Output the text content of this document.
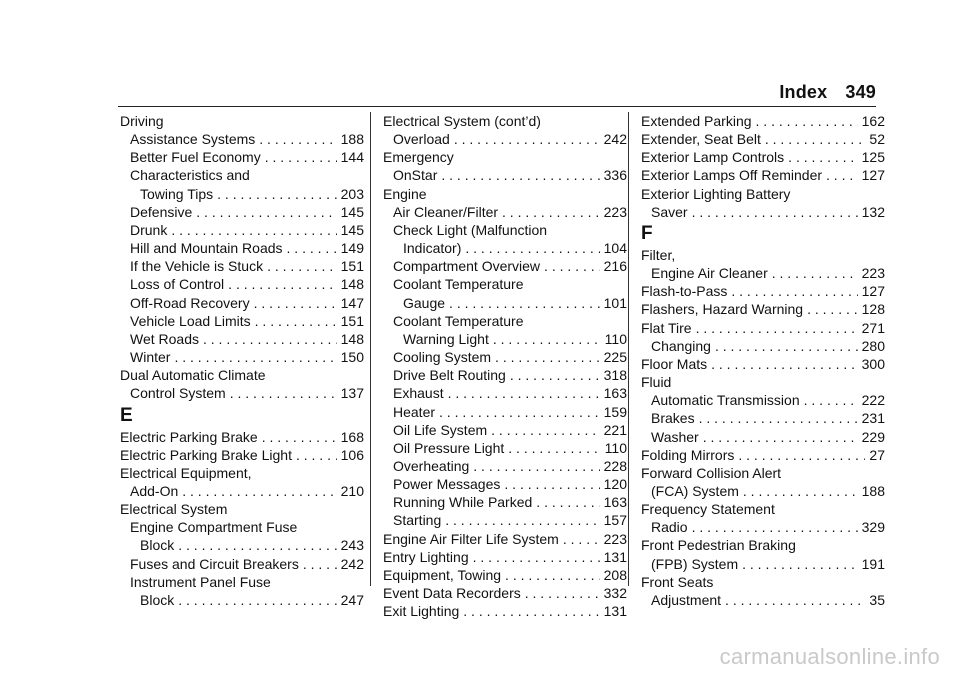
Index 349
Driving
Assistance Systems . . .	188
Better Fuel Economy . . .	144
Characteristics and
Towing Tips . . .	203
Defensive . . .	145
Drunk . . .	145
Hill and Mountain Roads . . .	149
If the Vehicle is Stuck . . .	151
Loss of Control . . .	148
Off-Road Recovery . . .	147
Vehicle Load Limits . . .	151
Wet Roads . . .	148
Winter . . .	150
Dual Automatic Climate
Control System . . .	137
E
Electric Parking Brake . . .	168
Electric Parking Brake Light . . .	106
Electrical Equipment,
Add-On . . .	210
Electrical System
Engine Compartment Fuse
Block . . .	243
Fuses and Circuit Breakers . . .	242
Instrument Panel Fuse
Block . . .	247
Electrical System (cont’d)
Overload . . .	242
Emergency
OnStar . . .	336
Engine
Air Cleaner/Filter . . .	223
Check Light (Malfunction
Indicator) . . .	104
Compartment Overview . . .	216
Coolant Temperature
Gauge . . .	101
Coolant Temperature
Warning Light . . .	110
Cooling System . . .	225
Drive Belt Routing . . .	318
Exhaust . . .	163
Heater . . .	159
Oil Life System . . .	221
Oil Pressure Light . . .	110
Overheating . . .	228
Power Messages . . .	120
Running While Parked . . .	163
Starting . . .	157
Engine Air Filter Life System . . .	223
Entry Lighting . . .	131
Equipment, Towing . . .	208
Event Data Recorders . . .	332
Exit Lighting . . .	131
Extended Parking . . .	162
Extender, Seat Belt . . .	52
Exterior Lamp Controls . . .	125
Exterior Lamps Off Reminder . . .	127
Exterior Lighting Battery
Saver . . .	132
F
Filter,
Engine Air Cleaner . . .	223
Flash-to-Pass . . .	127
Flashers, Hazard Warning . . .	128
Flat Tire . . .	271
Changing . . .	280
Floor Mats . . .	300
Fluid
Automatic Transmission . . .	222
Brakes . . .	231
Washer . . .	229
Folding Mirrors . . .	27
Forward Collision Alert
(FCA) System . . .	188
Frequency Statement
Radio . . .	329
Front Pedestrian Braking
(FPB) System . . .	191
Front Seats
Adjustment . . .	35
carmanualsonline.info
